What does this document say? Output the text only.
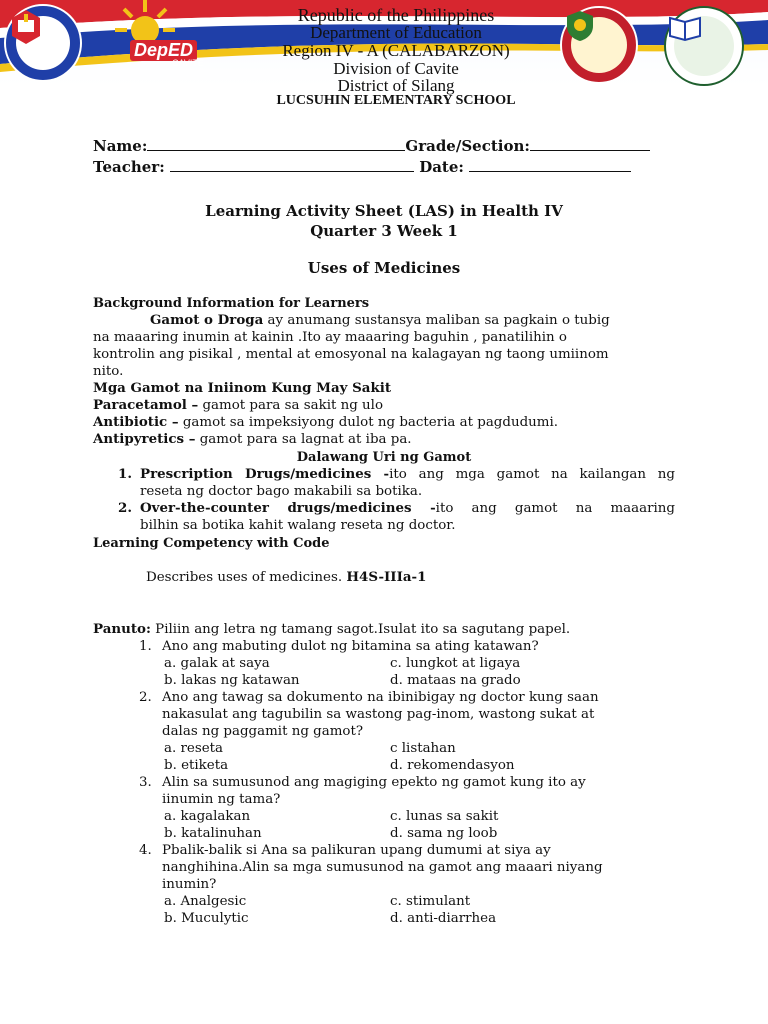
DepED
CAVITE
Republic of the Philippines
Department of Education
Region IV - A (CALABARZON)
Division of Cavite
District of Silang
LUCSUHIN ELEMENTARY SCHOOL
Name:	Grade/Section:
Teacher:	Date:
Learning Activity Sheet (LAS) in Health IV
Quarter 3 Week 1
Uses of Medicines
Background Information for Learners
Gamot o Droga ay anumang sustansya maliban sa pagkain o tubig
na maaaring inumin at kainin .Ito ay maaaring baguhin , panatilihin o
kontrolin ang pisikal , mental at emosyonal na kalagayan ng taong umiinom
nito.
Mga Gamot na Iniinom Kung May Sakit
Paracetamol – gamot para sa sakit ng ulo
Antibiotic – gamot sa impeksiyong dulot ng bacteria at pagdudumi.
Antipyretics – gamot para sa lagnat at iba pa.
Dalawang Uri ng Gamot
1. Prescription Drugs/medicines -ito ang mga gamot na kailangan ng
reseta ng doctor bago makabili sa botika.
2. Over-the-counter drugs/medicines -ito ang gamot na maaaring
bilhin sa botika kahit walang reseta ng doctor.
Learning Competency with Code
Describes uses of medicines. H4S-IIIa-1
Panuto: Piliin ang letra ng tamang sagot.Isulat ito sa sagutang papel.
1. Ano ang mabuting dulot ng bitamina sa ating katawan?
a. galak at saya	c. lungkot at ligaya
b. lakas ng katawan	d. mataas na grado
2. Ano ang tawag sa dokumento na ibinibigay ng doctor kung saan
nakasulat ang tagubilin sa wastong pag-inom, wastong sukat at
dalas ng paggamit ng gamot?
a. reseta	c listahan
b. etiketa	d. rekomendasyon
3. Alin sa sumusunod ang magiging epekto ng gamot kung ito ay
iinumin ng tama?
a. kagalakan	c. lunas sa sakit
b. katalinuhan	d. sama ng loob
4. Pbalik-balik si Ana sa palikuran upang dumumi at siya ay
nanghihina.Alin sa mga sumusunod na gamot ang maaari niyang
inumin?
a. Analgesic	c. stimulant
b. Muculytic	d. anti-diarrhea
